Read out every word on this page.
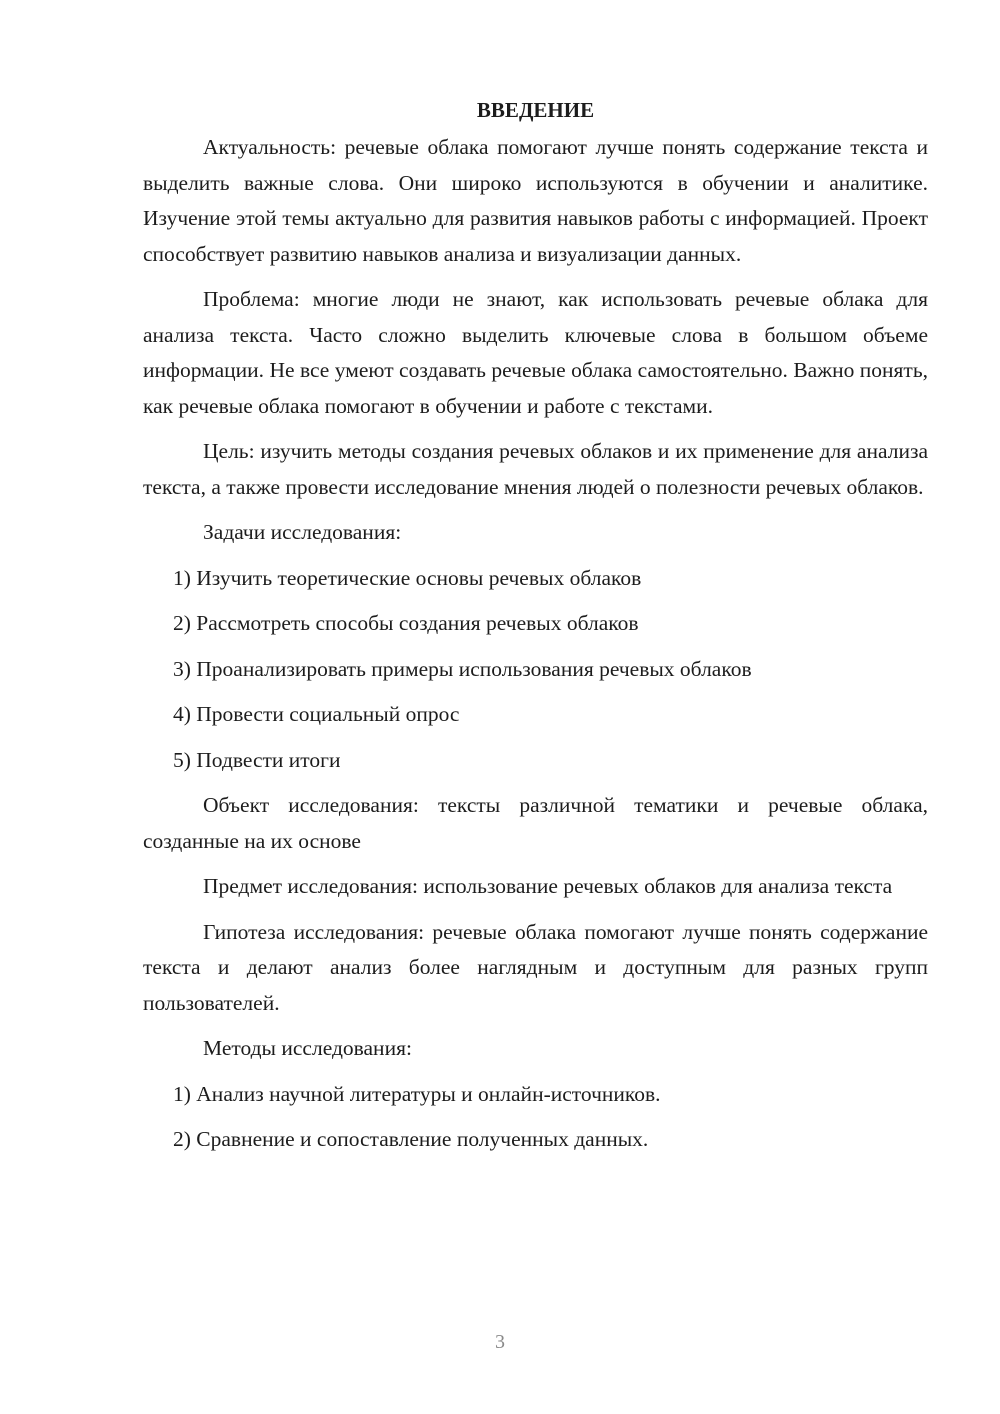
ВВЕДЕНИЕ

Актуальность: речевые облака помогают лучше понять содержание текста и выделить важные слова. Они широко используются в обучении и аналитике. Изучение этой темы актуально для развития навыков работы с информацией. Проект способствует развитию навыков анализа и визуализации данных.

Проблема: многие люди не знают, как использовать речевые облака для анализа текста. Часто сложно выделить ключевые слова в большом объеме информации. Не все умеют создавать речевые облака самостоятельно. Важно понять, как речевые облака помогают в обучении и работе с текстами.

Цель: изучить методы создания речевых облаков и их применение для анализа текста, а также провести исследование мнения людей о полезности речевых облаков.

Задачи исследования:

1) Изучить теоретические основы речевых облаков

2) Рассмотреть способы создания речевых облаков

3) Проанализировать примеры использования речевых облаков

4) Провести социальный опрос

5) Подвести итоги

Объект исследования: тексты различной тематики и речевые облака, созданные на их основе

Предмет исследования: использование речевых облаков для анализа текста

Гипотеза исследования: речевые облака помогают лучше понять содержание текста и делают анализ более наглядным и доступным для разных групп пользователей.

Методы исследования:

1) Анализ научной литературы и онлайн-источников.

2) Сравнение и сопоставление полученных данных.

3
